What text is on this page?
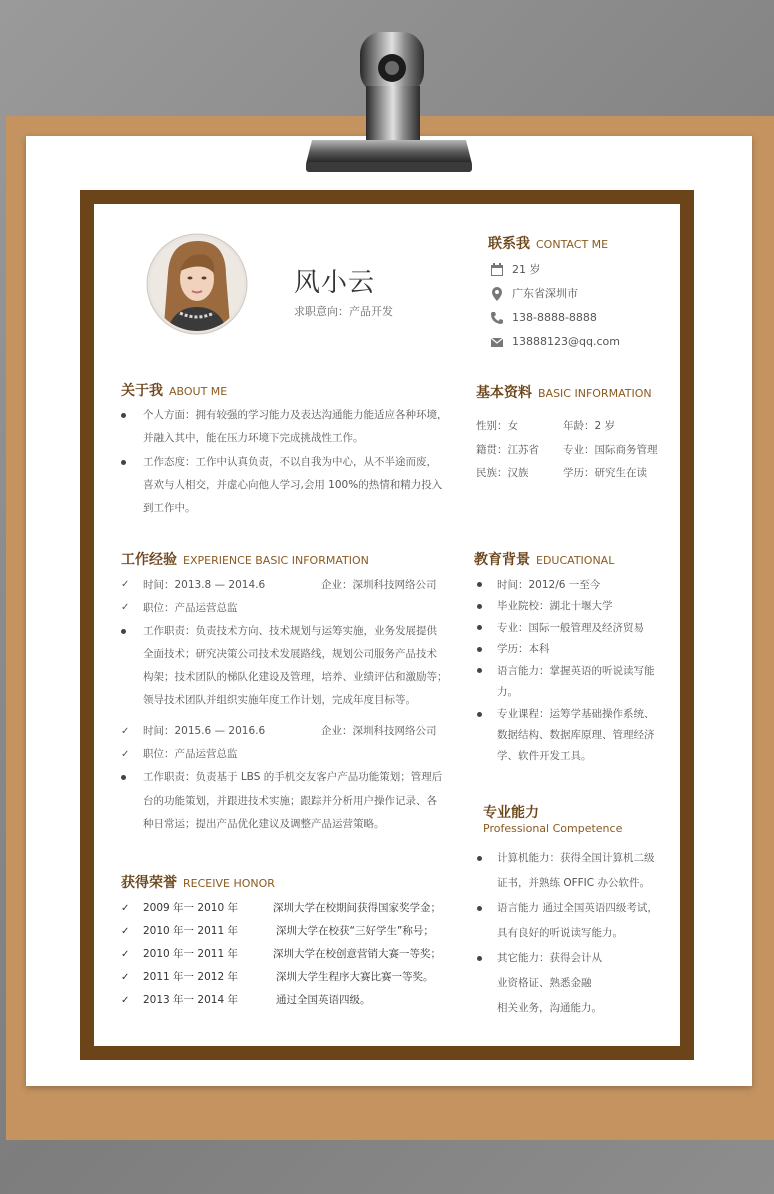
风小云
求职意向：产品开发
联系我 CONTACT ME
21 岁
广东省深圳市
138-8888-8888
13888123@qq.com
关于我 ABOUT ME
个人方面：拥有较强的学习能力及表达沟通能力能适应各种环境，
并融入其中，能在压力环境下完成挑战性工作。
工作态度：工作中认真负责，不以自我为中心，从不半途而废，
喜欢与人相交，并虚心向他人学习,会用 100%的热情和精力投入
到工作中。
基本资料 BASIC INFORMATION
性别：女	年龄：2 岁
籍贯：江苏省 专业：国际商务管理
民族：汉族	学历：研究生在读
工作经验 EXPERIENCE BASIC INFORMATION
✓ 时间：2013.8 — 2014.6	企业：深圳科技网络公司
✓ 职位：产品运营总监
工作职责：负责技术方向、技术规划与运筹实施，业务发展提供
全面技术；研究决策公司技术发展路线，规划公司服务产品技术
构架；技术团队的梯队化建设及管理，培养、业绩评估和激励等；
领导技术团队并组织实施年度工作计划，完成年度目标等。
✓ 时间：2015.6 — 2016.6	企业：深圳科技网络公司
✓ 职位：产品运营总监
工作职责：负责基于 LBS 的手机交友客户产品功能策划；管理后
台的功能策划，并跟进技术实施；跟踪并分析用户操作记录、各
种日常运；提出产品优化建议及调整产品运营策略。
教育背景 EDUCATIONAL
时间：2012/6 一至今
毕业院校：湖北十堰大学
专业：国际一般管理及经济贸易
学历：本科
语言能力：掌握英语的听说读写能
力。
专业课程：运筹学基础操作系统、
数据结构、数据库原理、管理经济
学、软件开发工具。
专业能力
Professional Competence
计算机能力：获得全国计算机二级
证书，并熟练 OFFIC 办公软件。
语言能力 通过全国英语四级考试，
具有良好的听说读写能力。
其它能力：获得会计从
业资格证、熟悉金融
相关业务，沟通能力。
获得荣誉 RECEIVE HONOR
✓ 2009 年一 2010 年	深圳大学在校期间获得国家奖学金；
✓ 2010 年一 2011 年	深圳大学在校获“三好学生”称号；
✓ 2010 年一 2011 年	深圳大学在校创意营销大赛一等奖；
✓ 2011 年一 2012 年	深圳大学生程序大赛比赛一等奖。
✓ 2013 年一 2014 年	通过全国英语四级。
